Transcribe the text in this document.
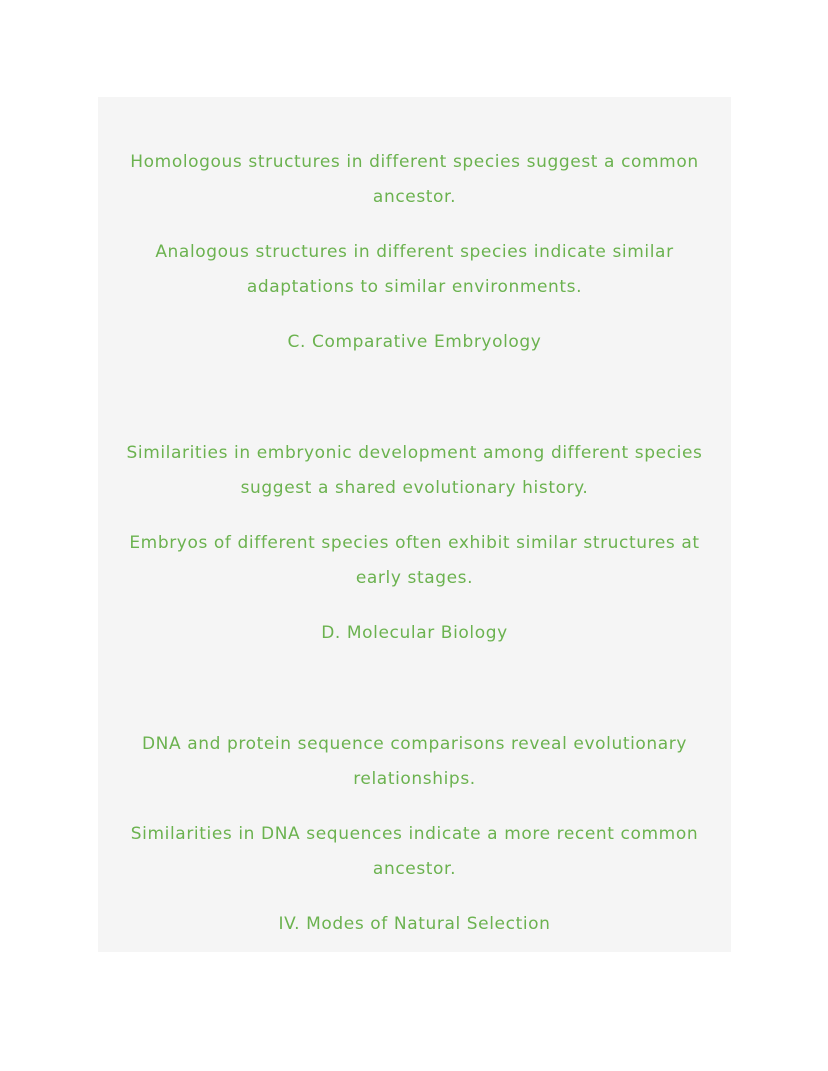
Homologous structures in different species suggest a common
ancestor.
Analogous structures in different species indicate similar
adaptations to similar environments.
C. Comparative Embryology
Similarities in embryonic development among different species
suggest a shared evolutionary history.
Embryos of different species often exhibit similar structures at
early stages.
D. Molecular Biology
DNA and protein sequence comparisons reveal evolutionary
relationships.
Similarities in DNA sequences indicate a more recent common
ancestor.
IV. Modes of Natural Selection
